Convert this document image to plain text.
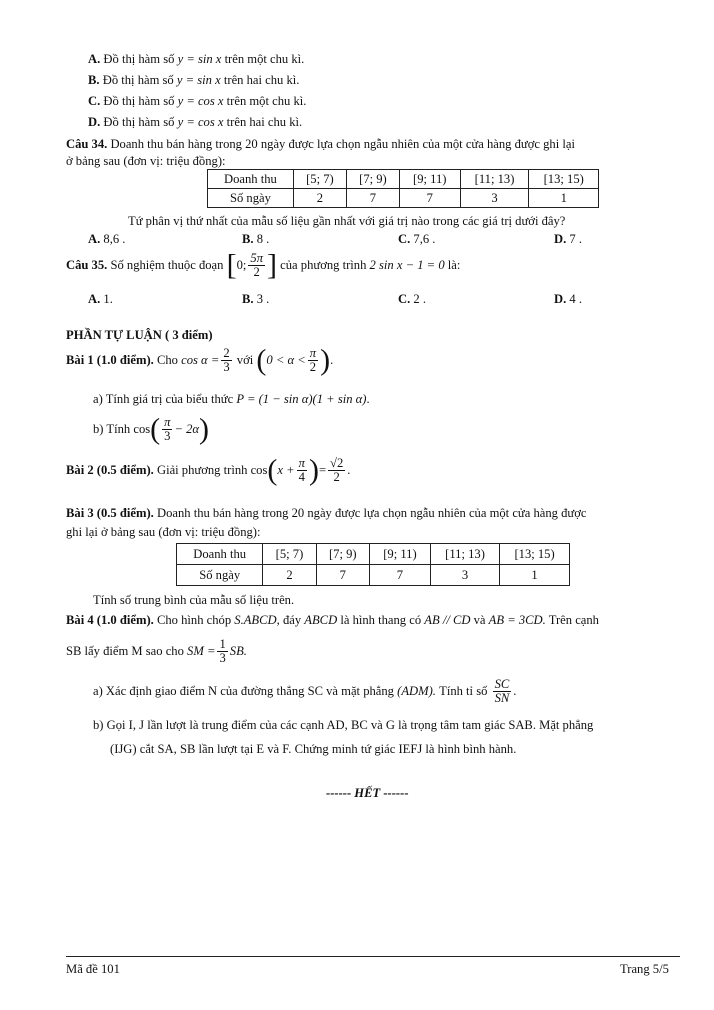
A. Đồ thị hàm số y = sin x trên một chu kì.
B. Đồ thị hàm số y = sin x trên hai chu kì.
C. Đồ thị hàm số y = cos x trên một chu kì.
D. Đồ thị hàm số y = cos x trên hai chu kì.
Câu 34. Doanh thu bán hàng trong 20 ngày được lựa chọn ngẫu nhiên của một cửa hàng được ghi lại
ở bảng sau (đơn vị: triệu đồng):
Doanh thu	[5; 7)	[7; 9)	[9; 11)	[11; 13)	[13; 15)
Số ngày	2	7	7	3	1
Tứ phân vị thứ nhất của mẫu số liệu gần nhất với giá trị nào trong các giá trị dưới đây?
A. 8,6 .	B. 8 .	C. 7,6 .	D. 7 .
Câu 35. Số nghiệm thuộc đoạn [0; $\frac{5\pi}{2}$ ] của phương trình 2 sin x − 1 = 0 là:
A. 1.	B. 3 .	C. 2 .	D. 4 .
PHẦN TỰ LUẬN ( 3 điểm)
Bài 1 (1.0 điểm). Cho $\cos \alpha = \frac{2}{3}$ với ($0 < \alpha < \frac{\pi}{2}$ ).
a) Tính giá trị của biểu thức P = (1 − sin α)(1 + sin α).
b) Tính $\cos( \frac{\pi}{3} - 2\alpha)$
Bài 2 (0.5 điểm). Giải phương trình $\cos(x + \frac{\pi}{4}$ )= $\frac{√2}{2}$ .
Bài 3 (0.5 điểm). Doanh thu bán hàng trong 20 ngày được lựa chọn ngẫu nhiên của một cửa hàng được
ghi lại ở bảng sau (đơn vị: triệu đồng):
Doanh thu	[5; 7)	[7; 9)	[9; 11)	[11; 13)	[13; 15)
Số ngày	2	7	7	3	1
Tính số trung bình của mẫu số liệu trên.
Bài 4 (1.0 điểm). Cho hình chóp S.ABCD, đáy ABCD là hình thang có AB // CD và AB = 3CD. Trên cạnh
SB lấy điểm M sao cho SM = $\frac{1}{3}$ SB.
a) Xác định giao điểm N của đường thẳng SC và mặt phẳng (ADM). Tính tỉ số $\frac{SC}{SN}$ .
b) Gọi I, J lần lượt là trung điểm của các cạnh AD, BC và G là trọng tâm tam giác SAB. Mặt phẳng
(IJG) cắt SA, SB lần lượt tại E và F. Chứng minh tứ giác IEFJ là hình bình hành.
------ HẾT ------
Mã đề 101	Trang 5/5
